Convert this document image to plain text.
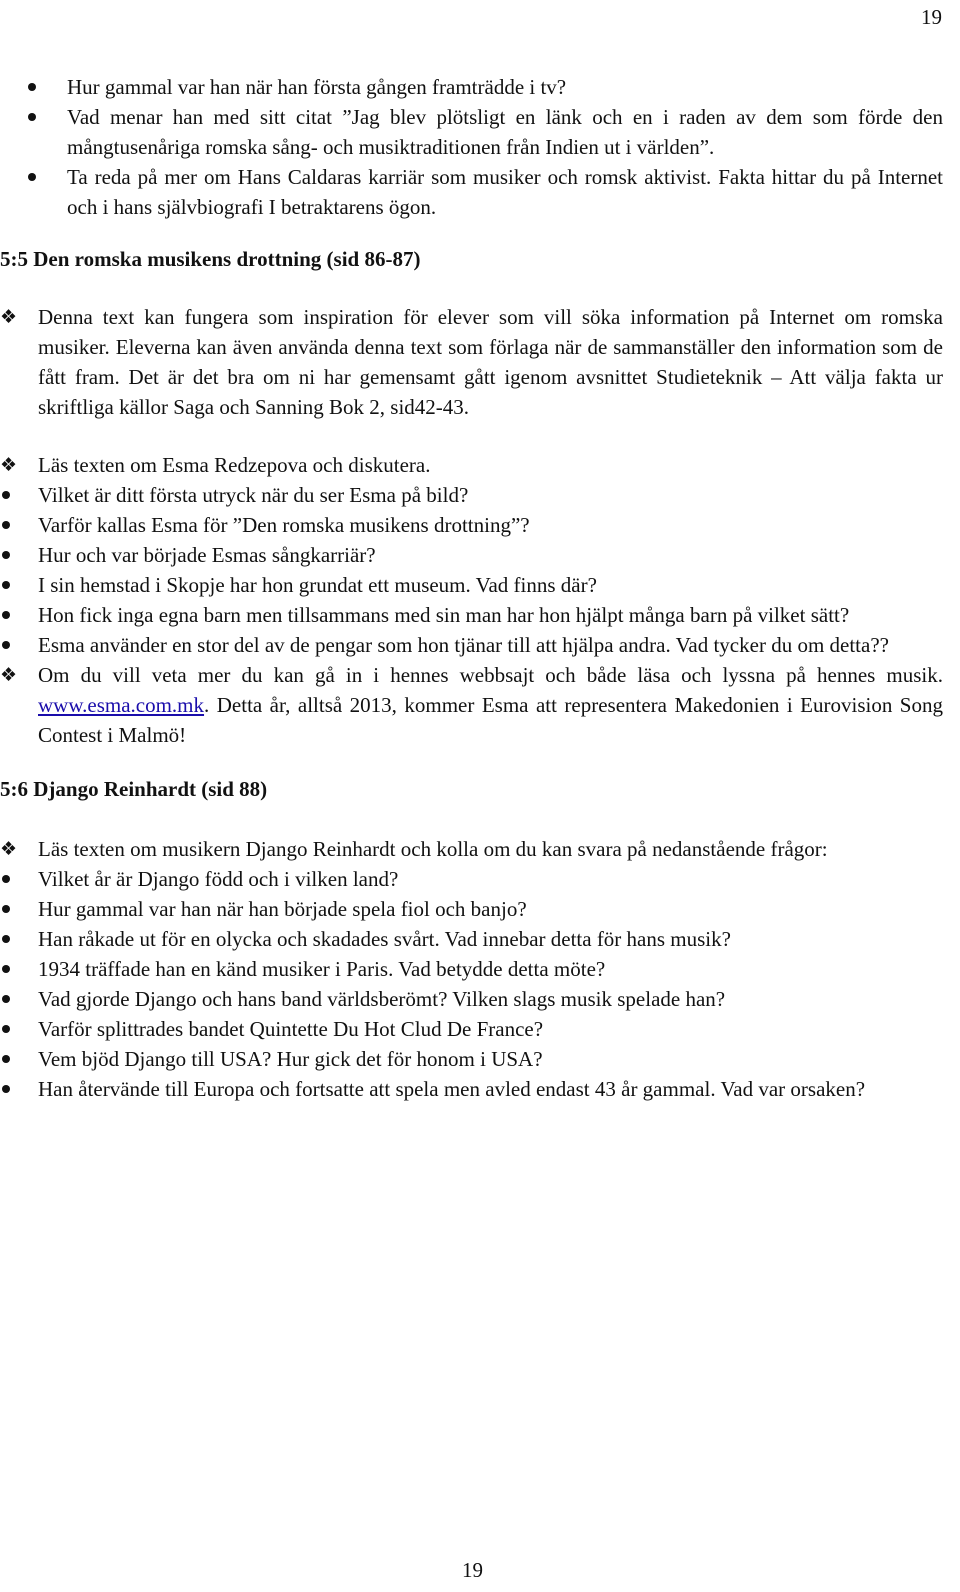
19
Hur gammal var han när han första gången framträdde i tv?
Vad menar han med sitt citat ”Jag blev plötsligt en länk och en i raden av dem som förde den mångtusenåriga romska sång- och musiktraditionen från Indien ut i världen”.
Ta reda på mer om Hans Caldaras karriär som musiker och romsk aktivist. Fakta hittar du på Internet och i hans självbiografi I betraktarens ögon.
5:5 Den romska musikens drottning (sid 86-87)
Denna text kan fungera som inspiration för elever som vill söka information på Internet om romska musiker. Eleverna kan även använda denna text som förlaga när de sammanställer den information som de fått fram. Det är det bra om ni har gemensamt gått igenom avsnittet Studieteknik – Att välja fakta ur skriftliga källor Saga och Sanning Bok 2, sid42-43.
Läs texten om Esma Redzepova och diskutera.
Vilket är ditt första utryck när du ser Esma på bild?
Varför kallas Esma för ”Den romska musikens drottning”?
Hur och var började Esmas sångkarriär?
I sin hemstad i Skopje har hon grundat ett museum. Vad finns där?
Hon fick inga egna barn men tillsammans med sin man har hon hjälpt många barn på vilket sätt?
Esma använder en stor del av de pengar som hon tjänar till att hjälpa andra. Vad tycker du om detta??
Om du vill veta mer du kan gå in i hennes webbsajt och både läsa och lyssna på hennes musik. www.esma.com.mk. Detta år, alltså 2013, kommer Esma att representera Makedonien i Eurovision Song Contest i Malmö!
5:6 Django Reinhardt (sid 88)
Läs texten om musikern Django Reinhardt och kolla om du kan svara på nedanstående frågor:
Vilket år är Django född och i vilken land?
Hur gammal var han när han började spela fiol och banjo?
Han råkade ut för en olycka och skadades svårt. Vad innebar detta för hans musik?
1934 träffade han en känd musiker i Paris. Vad betydde detta möte?
Vad gjorde Django och hans band världsberömt? Vilken slags musik spelade han?
Varför splittrades bandet Quintette Du Hot Clud De France?
Vem bjöd Django till USA? Hur gick det för honom i USA?
Han återvände till Europa och fortsatte att spela men avled endast 43 år gammal. Vad var orsaken?
19
